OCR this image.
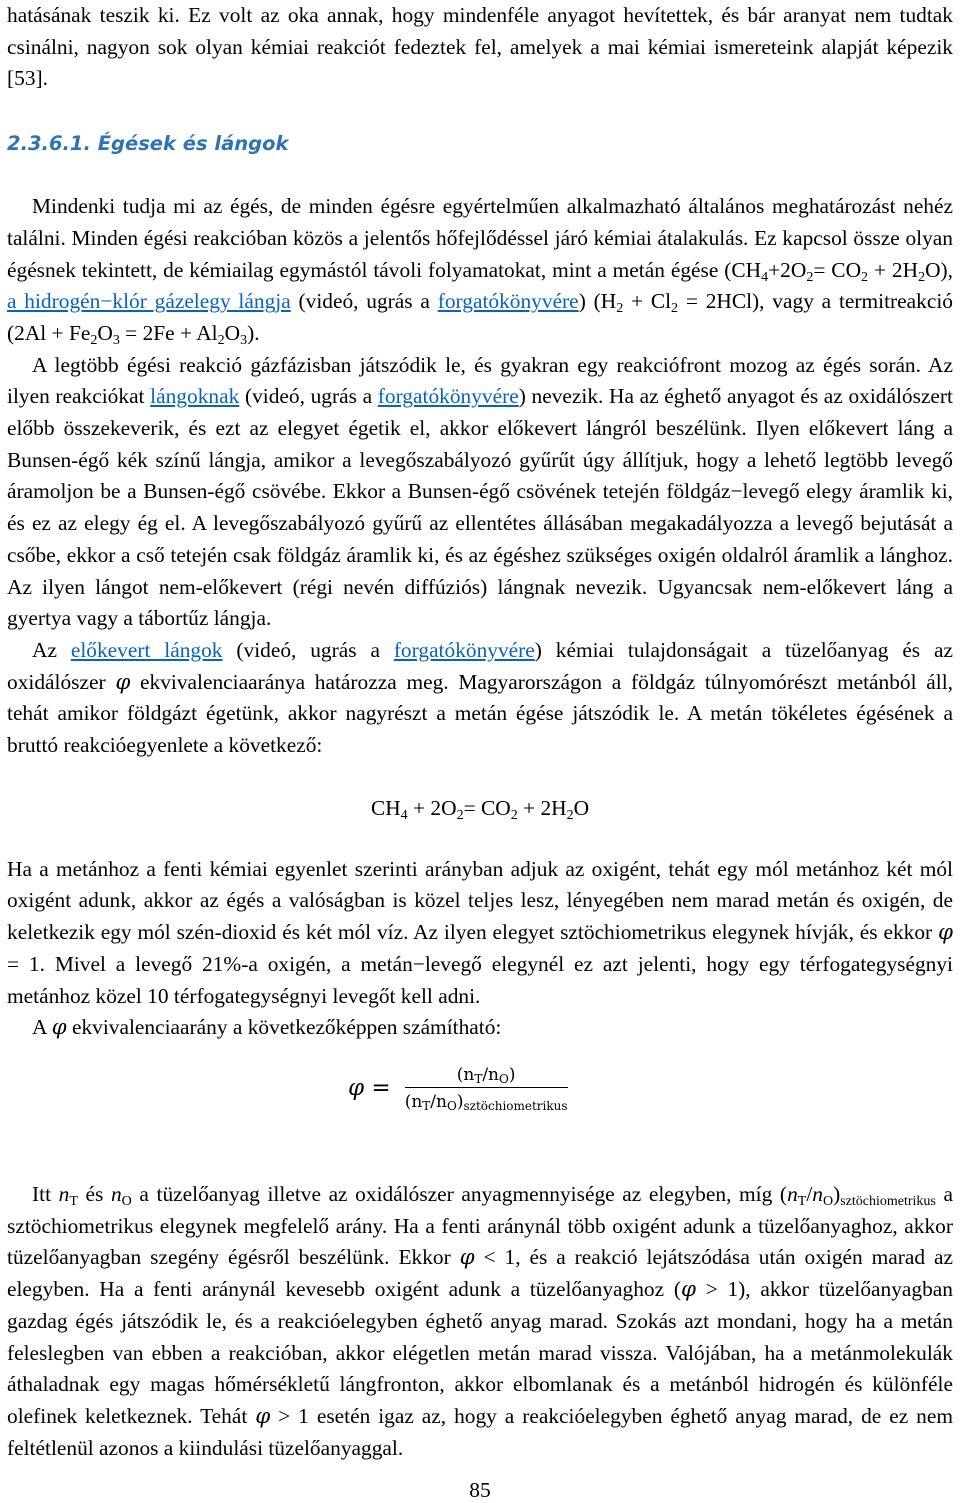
hatásának teszik ki. Ez volt az oka annak, hogy mindenféle anyagot hevítettek, és bár aranyat nem tudtak csinálni, nagyon sok olyan kémiai reakciót fedeztek fel, amelyek a mai kémiai ismereteink alapját képezik [53].

2.3.6.1. Égések és lángok

Mindenki tudja mi az égés, de minden égésre egyértelműen alkalmazható általános meghatározást nehéz találni. Minden égési reakcióban közös a jelentős hőfejlődéssel járó kémiai átalakulás. Ez kapcsol össze olyan égésnek tekintett, de kémiailag egymástól távoli folyamatokat, mint a metán égése $(CH_4+2O_2= CO_2 + 2H_2O)$, a hidrogén−klór gázelegy lángja (videó, ugrás a forgatókönyvére) $(H_2 + Cl_2 = 2HCl)$, vagy a termitreakció $(2Al + Fe_2O_3 = 2Fe + Al_2O_3)$.

A legtöbb égési reakció gázfázisban játszódik le, és gyakran egy reakciófront mozog az égés során. Az ilyen reakciókat lángoknak (videó, ugrás a forgatókönyvére) nevezik. Ha az éghető anyagot és az oxidálószert előbb összekeverik, és ezt az elegyet égetik el, akkor előkevert lángról beszélünk. Ilyen előkevert láng a Bunsen-égő kék színű lángja, amikor a levegőszabályozó gyűrűt úgy állítjuk, hogy a lehető legtöbb levegő áramoljon be a Bunsen-égő csövébe. Ekkor a Bunsen-égő csövének tetején földgáz−levegő elegy áramlik ki, és ez az elegy ég el. A levegőszabályozó gyűrű az ellentétes állásában megakadályozza a levegő bejutását a csőbe, ekkor a cső tetején csak földgáz áramlik ki, és az égéshez szükséges oxigén oldalról áramlik a lánghoz. Az ilyen lángot nem-előkevert (régi nevén diffúziós) lángnak nevezik. Ugyancsak nem-előkevert láng a gyertya vagy a tábortűz lángja.

Az előkevert lángok (videó, ugrás a forgatókönyvére) kémiai tulajdonságait a tüzelőanyag és az oxidálószer φ ekvivalenciaaránya határozza meg. Magyarországon a földgáz túlnyomórészt metánból áll, tehát amikor földgázt égetünk, akkor nagyrészt a metán égése játszódik le. A metán tökéletes égésének a bruttó reakcióegyenlete a következő:

$CH_4 + 2O_2= CO_2 + 2H_2O$

Ha a metánhoz a fenti kémiai egyenlet szerinti arányban adjuk az oxigént, tehát egy mól metánhoz két mól oxigént adunk, akkor az égés a valóságban is közel teljes lesz, lényegében nem marad metán és oxigén, de keletkezik egy mól szén-dioxid és két mól víz. Az ilyen elegyet sztöchiometrikus elegynek hívják, és ekkor φ = 1. Mivel a levegő 21%-a oxigén, a metán−levegő elegynél ez azt jelenti, hogy egy térfogategységnyi metánhoz közel 10 térfogategységnyi levegőt kell adni.

A φ ekvivalenciaarány a következőképpen számítható:

$\varphi = \frac{(n_T/n_O)}{(n_T/n_O)_{sztöchiometrikus}}$

Itt $n_T$ és $n_O$ a tüzelőanyag illetve az oxidálószer anyagmennyisége az elegyben, míg $(n_T/n_O)_{sztöchiometrikus}$ a sztöchiometrikus elegynek megfelelő arány. Ha a fenti aránynál több oxigént adunk a tüzelőanyaghoz, akkor tüzelőanyagban szegény égésről beszélünk. Ekkor φ < 1, és a reakció lejátszódása után oxigén marad az elegyben. Ha a fenti aránynál kevesebb oxigént adunk a tüzelőanyaghoz (φ > 1), akkor tüzelőanyagban gazdag égés játszódik le, és a reakcióelegyben éghető anyag marad. Szokás azt mondani, hogy ha a metán feleslegben van ebben a reakcióban, akkor elégetlen metán marad vissza. Valójában, ha a metánmolekulák áthaladnak egy magas hőmérsékletű lángfronton, akkor elbomlanak és a metánból hidrogén és különféle olefinek keletkeznek. Tehát φ > 1 esetén igaz az, hogy a reakcióelegyben éghető anyag marad, de ez nem feltétlenül azonos a kiindulási tüzelőanyaggal.

85
